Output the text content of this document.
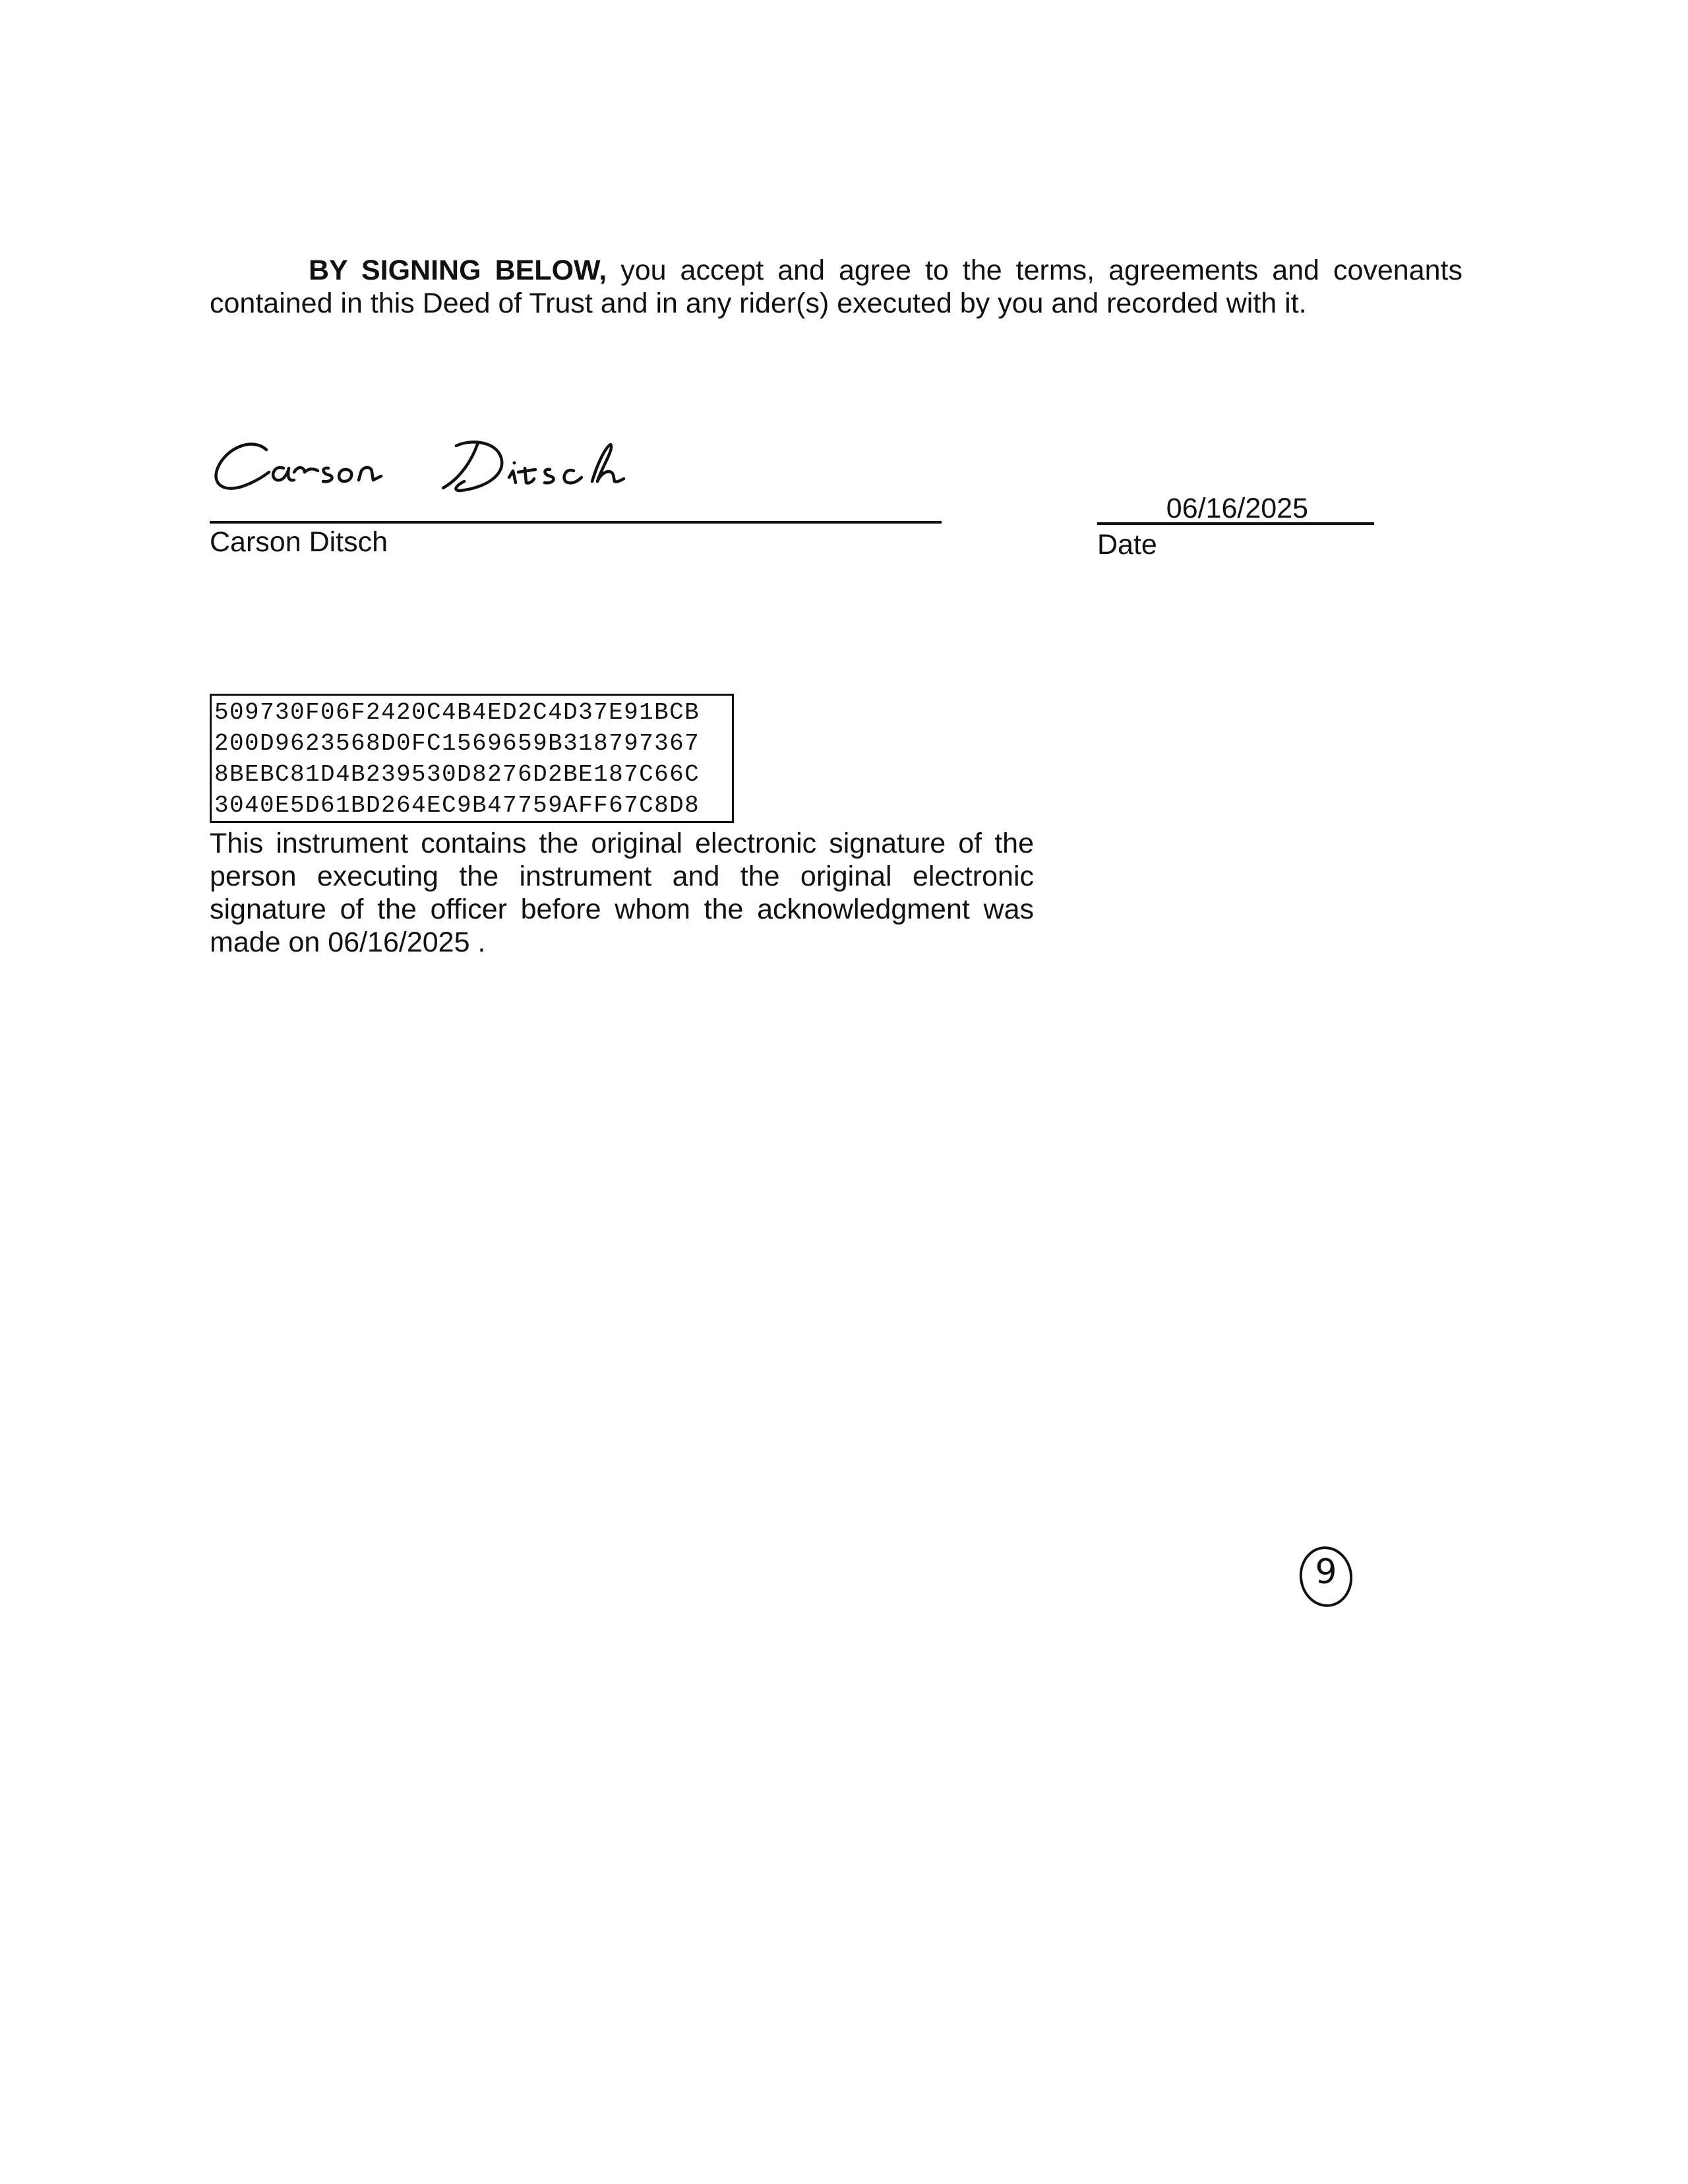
BY SIGNING BELOW, you accept and agree to the terms, agreements and covenants contained in this Deed of Trust and in any rider(s) executed by you and recorded with it.

Carson Ditsch
06/16/2025
Date
509730F06F2420C4B4ED2C4D37E91BCB
200D9623568D0FC1569659B318797367
8BEBC81D4B239530D8276D2BE187C66C
3040E5D61BD264EC9B47759AFF67C8D8

This instrument contains the original electronic signature of the person executing the instrument and the original electronic signature of the officer before whom the acknowledgment was made on 06/16/2025 .

9
